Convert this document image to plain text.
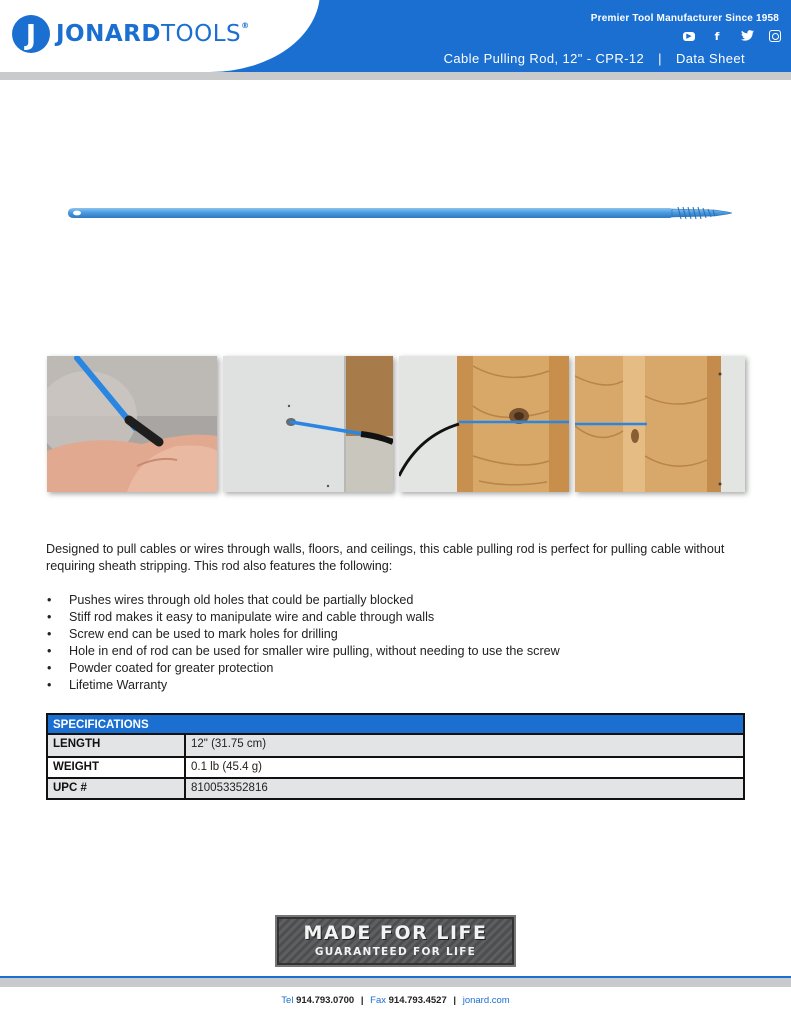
J JONARDTOOLS®
Premier Tool Manufacturer Since 1958
▶	f
Cable Pulling Rod, 12" - CPR-12 | Data Sheet

Designed to pull cables or wires through walls, floors, and ceilings, this cable pulling rod is perfect for pulling cable without requiring sheath stripping. This rod also features the following:

• Pushes wires through old holes that could be partially blocked
• Stiff rod makes it easy to manipulate wire and cable through walls
• Screw end can be used to mark holes for drilling
• Hole in end of rod can be used for smaller wire pulling, without needing to use the screw
• Powder coated for greater protection
• Lifetime Warranty
SPECIFICATIONS
LENGTH	12" (31.75 cm)
WEIGHT	0.1 lb (45.4 g)
UPC #	810053352816
MADE FOR LIFE
GUARANTEED FOR LIFE
Tel 914.793.0700 | Fax 914.793.4527 | jonard.com
